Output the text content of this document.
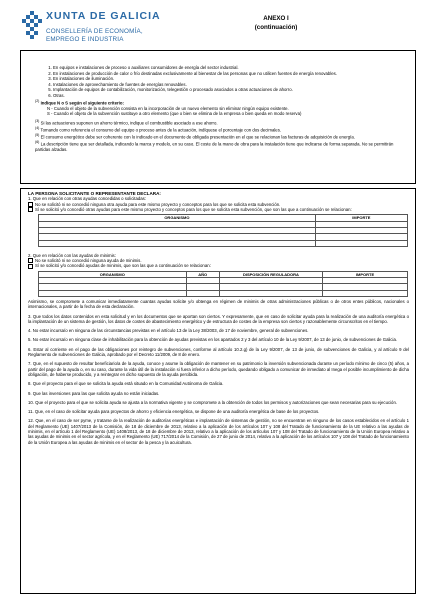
XUNTA DE GALICIA
CONSELLERÍA DE ECONOMÍA,
EMPREGO E INDUSTRIA
ANEXO I
(continuación)
1. En equipos e instalaciones de proceso o auxiliares consumidores de energía del sector industrial.
2. En instalaciones de producción de calor o frío destinadas exclusivamente al bienestar de las personas que no utilicen fuentes de energía renovables.
3. En instalaciones de iluminación.
4. Instalaciones de aprovechamiento de fuentes de energías renovables.
5. Implantación de equipos de contabilización, monitorización, telegestión o procesado asociados a otras actuaciones de ahorro.
6. Otras.

$^{(2)}$ Indique N o S según el siguiente criterio:

N - Cuando el objeto de la subvención consista en la incorporación de un nuevo elemento sin eliminar ningún equipo existente.

S - Cuando el objeto de la subvención sustituye a otro elemento (que o bien se elimina de la empresa o bien queda en modo reserva)

$^{(3)}$ Si las actuaciones suponen un ahorro térmico, indique el combustible asociado a ese ahorro.

$^{(4)}$ Tomando como referencia el consumo del equipo o proceso antes de la actuación, indíquese el porcentaje con dos decimales.

$^{(5)}$ El consumo energético debe ser coherente con lo indicado en el documento de obligada presentación en el que se relacionan las facturas de adquisición de energía.

$^{(6)}$ La descripción tiene que ser detallada, indicando la marca y modelo, en su caso. El coste de la mano de obra para la instalación tiene que indicarse de forma separada. No se permitirán partidas alzadas.

LA PERSONA SOLICITANTE O REPRESENTANTE DECLARA:

1. Que en relación con otras ayudas concedidas o solicitadas:

No se solicitó ni se concedió ninguna otra ayuda para este mismo proyecto y conceptos para los que se solicita esta subvención.

Sí se solicitó y/o concedió otras ayudas para este mismo proyecto y conceptos para los que se solicita esta subvención, que son las que a continuación se relacionan:

ORGANISMO	IMPORTE

2. Que en relación con las ayudas de minimis:

No se solicitó ni se concedió ninguna ayuda de minimis.

Sí se solicitó y/o concedió ayudas de minimis, que son las que a continuación se relacionan:

ORGANISMO	AÑO	DISPOSICIÓN REGULADORA	IMPORTE

Asimismo, se compromete a comunicar inmediatamente cuantas ayudas solicite y/o obtenga en régimen de minimis de otras administraciones públicas o de otros entes públicos, nacionales o internacionales, a partir de la fecha de esta declaración.

3. Que todos los datos contenidos en esta solicitud y en los documentos que se aportan son ciertos. Y expresamente, que en caso de solicitar ayuda para la realización de una auditoría energética o la implantación de un sistema de gestión, los datos de costes de abastecimiento energético y de estructura de costes de la empresa son ciertos y razonablemente circunscritos en el tiempo.

4. No estar incursa/o en ninguna de las circunstancias previstas en el artículo 13 de la Ley 38/2003, de 17 de noviembre, general de subvenciones.

5. No estar incursa/o en ninguna clase de inhabilitación para la obtención de ayudas previstas en los apartados 2 y 3 del artículo 10 de la Ley 9/2007, de 13 de junio, de subvenciones de Galicia.

6. Estar al corriente en el pago de las obligaciones por reintegro de subvenciones, conforme al artículo 10.2.g) de la Ley 9/2007, de 13 de junio, de subvenciones de Galicia, y al artículo 9 del Reglamento de subvenciones de Galicia, aprobado por el Decreto 11/2009, de 8 de enero.

7. Que, en el supuesto de resultar beneficiario/a de la ayuda, conoce y asume la obligación de mantener en su patrimonio la inversión subvencionada durante un período mínimo de cinco (5) años, a partir del pago de la ayuda o, en su caso, durante la vida útil de la instalación si fuera inferior a dicho período, quedando obligado a comunicar de inmediato al Inega el posible incumplimiento de dicha obligación, de haberse producido, y a reintegrar en dicho supuesto de la ayuda percibida.

8. Que el proyecto para el que se solicita la ayuda está situado en la Comunidad Autónoma de Galicia.

9. Que las inversiones para las que solicita ayuda no están iniciadas.

10. Que el proyecto para el que se solicita ayuda se ajusta a la normativa vigente y se compromete a la obtención de todos los permisos y autorizaciones que sean necesarias para su ejecución.

11. Que, en el caso de solicitar ayuda para proyectos de ahorro y eficiencia energética, se dispone de una auditoría energética de base de los proyectos.

12. Que, en el caso de ser pyme, y tratarse de la realización de auditorías energéticas e implantación de sistemas de gestión, no se encuentran en ninguno de los casos establecidos en el artículo 1 del Reglamento (UE) 1407/2013 de la Comisión, de 18 de diciembre de 2013, relativo a la aplicación de los artículos 107 y 108 del Tratado de funcionamiento de la UE relativo a las ayudas de minimis, en el artículo 1 del Reglamento (UE) 1408/2013, de 18 de diciembre de 2013, relativo a la aplicación de los artículos 107 y 108 del Tratado de funcionamiento de la Unión Europea relativo a las ayudas de minimis en el sector agrícola, y en el Reglamento (UE) 717/2014 de la Comisión, de 27 de junio de 2014, relativo a la aplicación de los artículos 107 y 108 del Tratado de funcionamiento de la Unión Europea a las ayudas de minimis en el sector de la pesca y la acuicultura.
